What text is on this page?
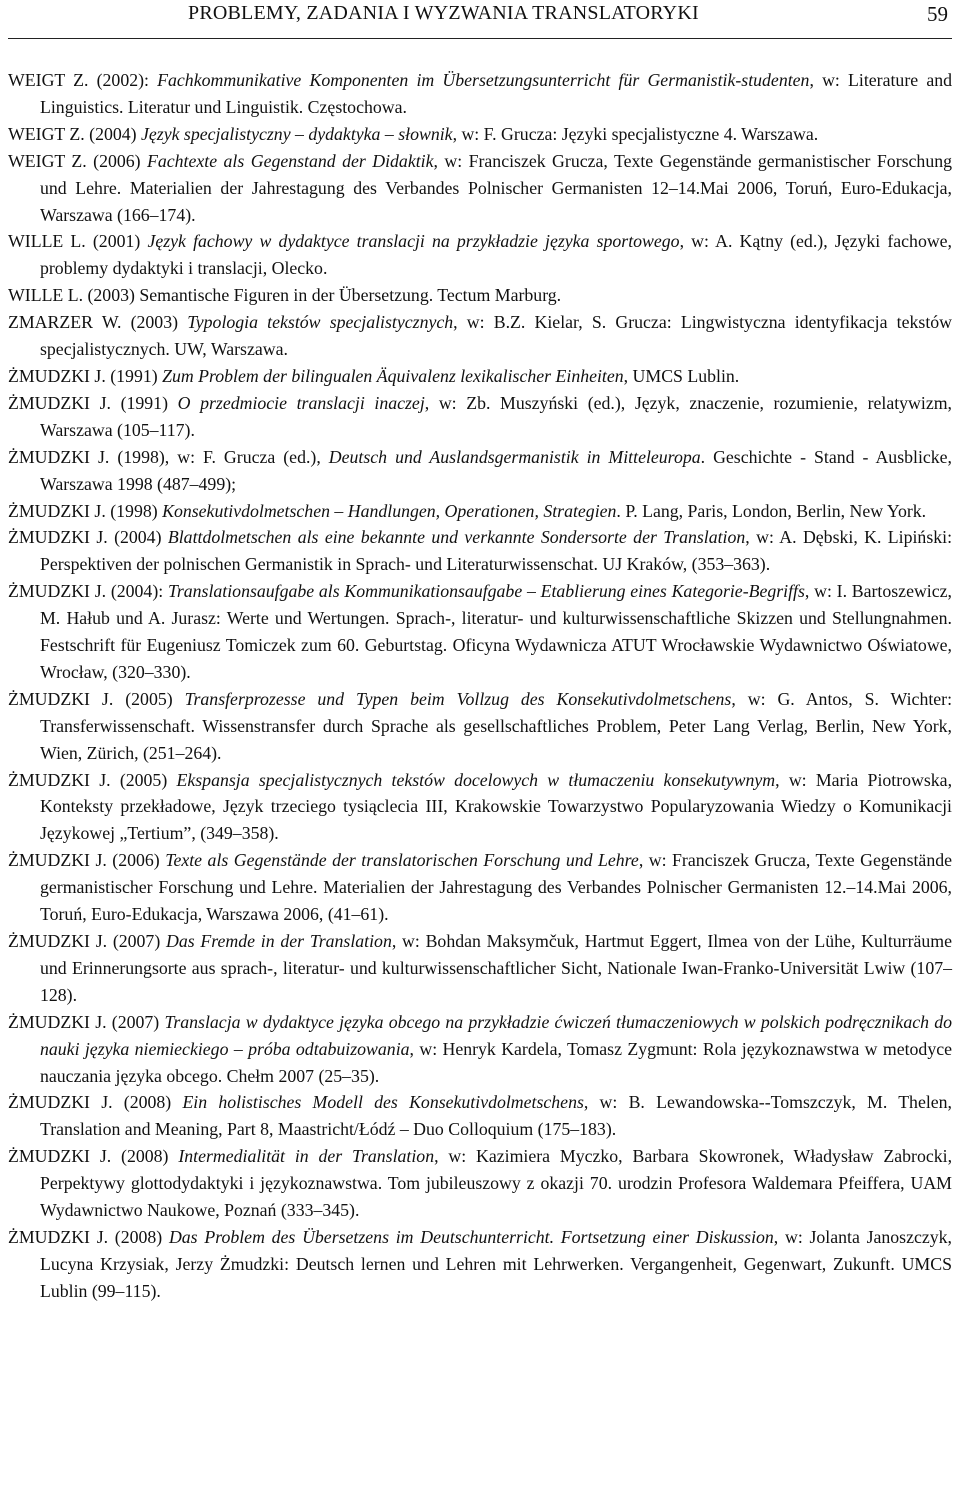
PROBLEMY, ZADANIA I WYZWANIA TRANSLATORYKI	59
WEIGT Z. (2002): Fachkommunikative Komponenten im Übersetzungsunterricht für Germanistik-studenten, w: Literature and Linguistics. Literatur und Linguistik. Częstochowa.
WEIGT Z. (2004) Język specjalistyczny – dydaktyka – słownik, w: F. Grucza: Języki specjalistyczne 4. Warszawa.
WEIGT Z. (2006) Fachtexte als Gegenstand der Didaktik, w: Franciszek Grucza, Texte Gegenstände germanistischer Forschung und Lehre. Materialien der Jahrestagung des Verbandes Polnischer Germanisten 12–14.Mai 2006, Toruń, Euro-Edukacja, Warszawa (166–174).
WILLE L. (2001) Język fachowy w dydaktyce translacji na przykładzie języka sportowego, w: A. Kątny (ed.), Języki fachowe, problemy dydaktyki i translacji, Olecko.
WILLE L. (2003) Semantische Figuren in der Übersetzung. Tectum Marburg.
ZMARZER W. (2003) Typologia tekstów specjalistycznych, w: B.Z. Kielar, S. Grucza: Lingwistyczna identyfikacja tekstów specjalistycznych. UW, Warszawa.
ŻMUDZKI J. (1991) Zum Problem der bilingualen Äquivalenz lexikalischer Einheiten, UMCS Lublin.
ŻMUDZKI J. (1991) O przedmiocie translacji inaczej, w: Zb. Muszyński (ed.), Język, znaczenie, rozumienie, relatywizm, Warszawa (105–117).
ŻMUDZKI J. (1998), w: F. Grucza (ed.), Deutsch und Auslandsgermanistik in Mitteleuropa. Geschichte - Stand - Ausblicke, Warszawa 1998 (487–499);
ŻMUDZKI J. (1998) Konsekutivdolmetschen – Handlungen, Operationen, Strategien. P. Lang, Paris, London, Berlin, New York.
ŻMUDZKI J. (2004) Blattdolmetschen als eine bekannte und verkannte Sondersorte der Translation, w: A. Dębski, K. Lipiński: Perspektiven der polnischen Germanistik in Sprach- und Literaturwissenschat. UJ Kraków, (353–363).
ŻMUDZKI J. (2004): Translationsaufgabe als Kommunikationsaufgabe – Etablierung eines Kategorie-Begriffs, w: I. Bartoszewicz, M. Hałub und A. Jurasz: Werte und Wertungen. Sprach-, literatur- und kulturwissenschaftliche Skizzen und Stellungnahmen. Festschrift für Eugeniusz Tomiczek zum 60. Geburtstag. Oficyna Wydawnicza ATUT Wrocławskie Wydawnictwo Oświatowe, Wrocław, (320–330).
ŻMUDZKI J. (2005) Transferprozesse und Typen beim Vollzug des Konsekutivdolmetschens, w: G. Antos, S. Wichter: Transferwissenschaft. Wissenstransfer durch Sprache als gesellschaftliches Problem, Peter Lang Verlag, Berlin, New York, Wien, Zürich, (251–264).
ŻMUDZKI J. (2005) Ekspansja specjalistycznych tekstów docelowych w tłumaczeniu konsekutywnym, w: Maria Piotrowska, Konteksty przekładowe, Język trzeciego tysiąclecia III, Krakowskie Towarzystwo Popularyzowania Wiedzy o Komunikacji Językowej „Tertium”, (349–358).
ŻMUDZKI J. (2006) Texte als Gegenstände der translatorischen Forschung und Lehre, w: Franciszek Grucza, Texte Gegenstände germanistischer Forschung und Lehre. Materialien der Jahrestagung des Verbandes Polnischer Germanisten 12.–14.Mai 2006, Toruń, Euro-Edukacja, Warszawa 2006, (41–61).
ŻMUDZKI J. (2007) Das Fremde in der Translation, w: Bohdan Maksymčuk, Hartmut Eggert, Ilmea von der Lühe, Kulturräume und Erinnerungsorte aus sprach-, literatur- und kulturwissenschaftlicher Sicht, Nationale Iwan-Franko-Universität Lwiw (107–128).
ŻMUDZKI J. (2007) Translacja w dydaktyce języka obcego na przykładzie ćwiczeń tłumaczeniowych w polskich podręcznikach do nauki języka niemieckiego – próba odtabuizowania, w: Henryk Kardela, Tomasz Zygmunt: Rola językoznawstwa w metodyce nauczania języka obcego. Chełm 2007 (25–35).
ŻMUDZKI J. (2008) Ein holistisches Modell des Konsekutivdolmetschens, w: B. Lewandowska--Tomszczyk, M. Thelen, Translation and Meaning, Part 8, Maastricht/Łódź – Duo Colloquium (175–183).
ŻMUDZKI J. (2008) Intermedialität in der Translation, w: Kazimiera Myczko, Barbara Skowronek, Władysław Zabrocki, Perpektywy glottodydaktyki i językoznawstwa. Tom jubileuszowy z okazji 70. urodzin Profesora Waldemara Pfeiffera, UAM Wydawnictwo Naukowe, Poznań (333–345).
ŻMUDZKI J. (2008) Das Problem des Übersetzens im Deutschunterricht. Fortsetzung einer Diskussion, w: Jolanta Janoszczyk, Lucyna Krzysiak, Jerzy Żmudzki: Deutsch lernen und Lehren mit Lehrwerken. Vergangenheit, Gegenwart, Zukunft. UMCS Lublin (99–115).
